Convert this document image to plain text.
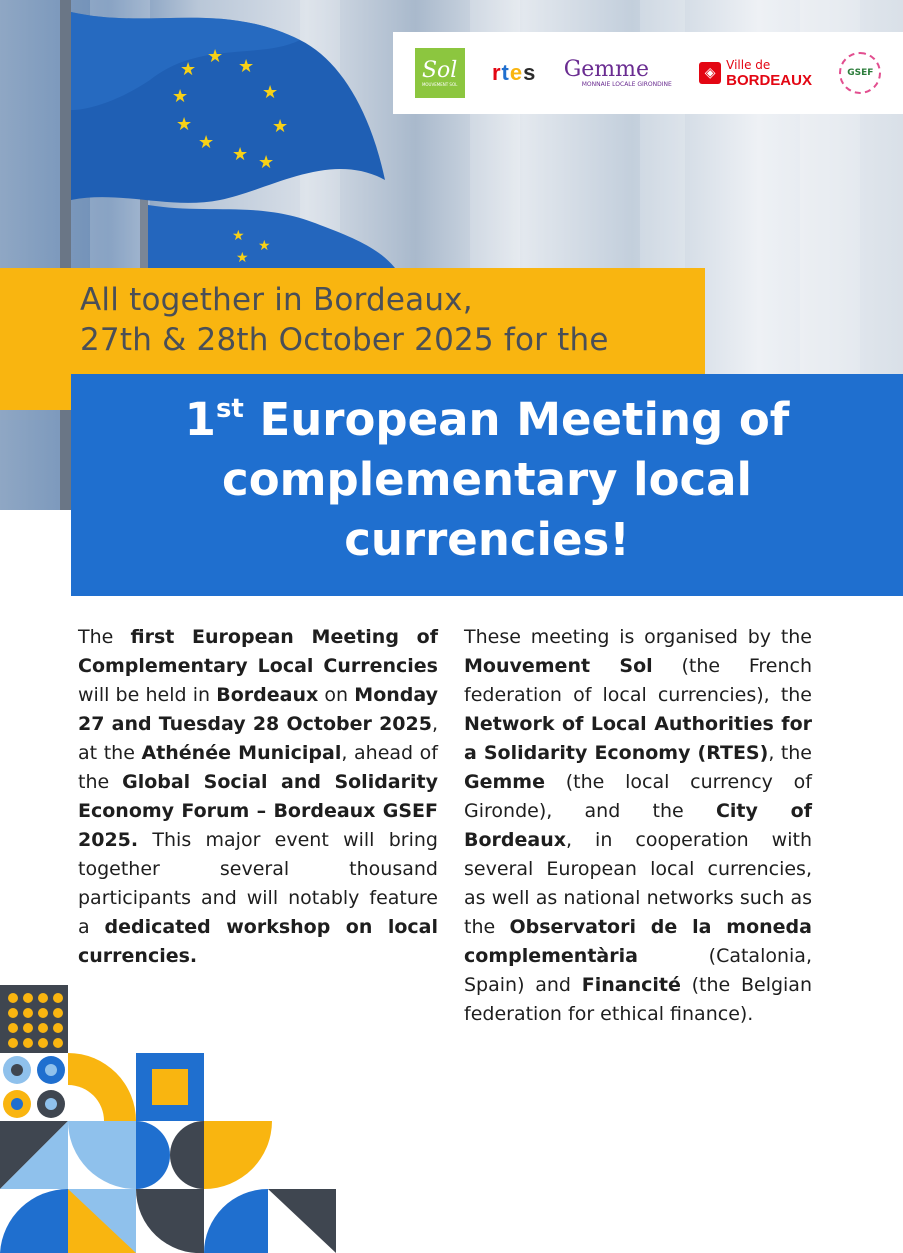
★
★ ★
★
★
★
★
★
★
★
★
★
★
Sol
MOUVEMENT SOL r t e s Gemme
MONNAIE LOCALE GIRONDINE
◈ Ville de
BORDEAUX	GSEF
All together in Bordeaux,
27th & 28th October 2025 for the
1st European Meeting of
complementary local
currencies!
The first European Meeting of Complementary Local Currencies will be held in Bordeaux on Monday 27 and Tuesday 28 October 2025, at the Athénée Municipal, ahead of the Global Social and Solidarity Economy Forum – Bordeaux GSEF 2025. This major event will bring together several thousand participants and will notably feature a dedicated workshop on local currencies.
These meeting is organised by the Mouvement Sol (the French federation of local currencies), the Network of Local Authorities for a Solidarity Economy (RTES), the Gemme (the local currency of Gironde), and the City of Bordeaux, in cooperation with several European local currencies, as well as national networks such as the Observatori de la moneda complementària (Catalonia, Spain) and Financité (the Belgian federation for ethical finance).
